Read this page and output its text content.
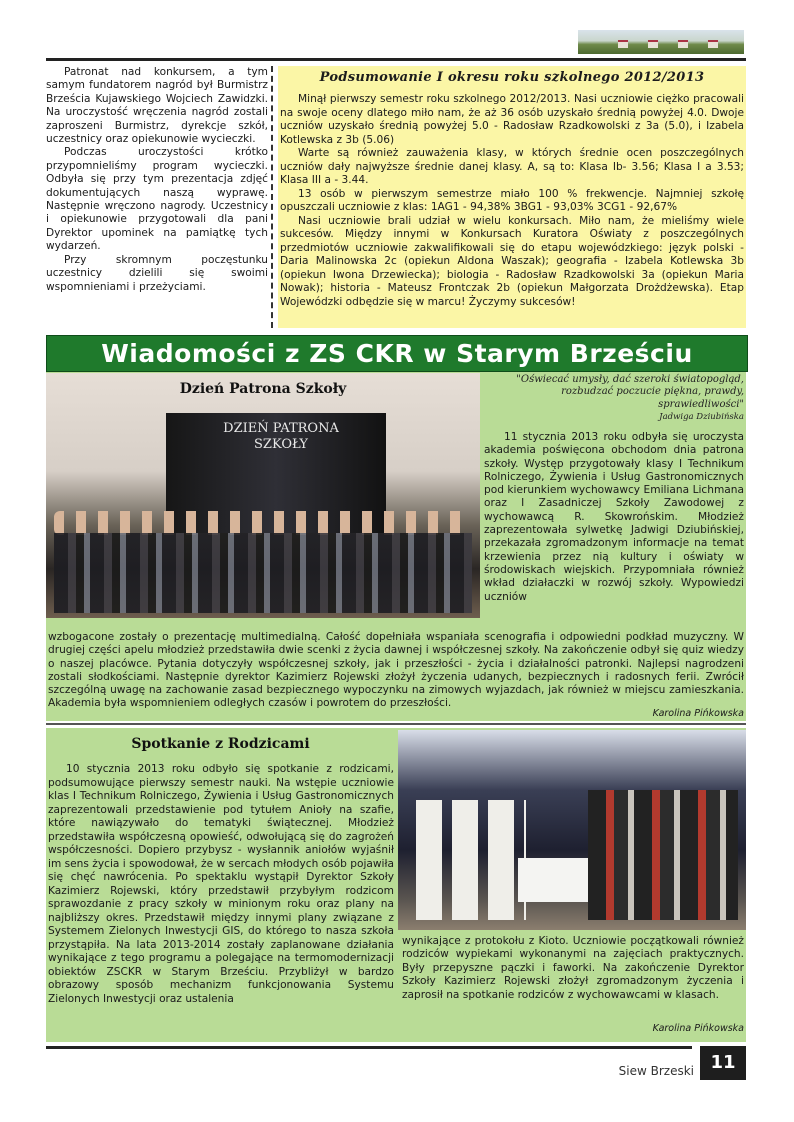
Patronat nad konkursem, a tym samym fundatorem nagród był Burmistrz Brześcia Kujawskiego Wojciech Zawidzki. Na uroczystość wręczenia nagród zostali zaproszeni Burmistrz, dyrekcje szkół, uczestnicy oraz opiekunowie wycieczki.

Podczas uroczystości krótko przypomnieliśmy program wycieczki. Odbyła się przy tym prezentacja zdjęć dokumentujących naszą wyprawę. Następnie wręczono nagrody. Uczestnicy i opiekunowie przygotowali dla pani Dyrektor upominek na pamiątkę tych wydarzeń.

Przy skromnym poczęstunku uczestnicy dzielili się swoimi wspomnieniami i przeżyciami.

Podsumowanie I okresu roku szkolnego 2012/2013

Minął pierwszy semestr roku szkolnego 2012/2013. Nasi uczniowie ciężko pracowali na swoje oceny dlatego miło nam, że aż 36 osób uzyskało średnią powyżej 4.0. Dwoje uczniów uzyskało średnią powyżej 5.0 - Radosław Rzadkowolski z 3a (5.0), i Izabela Kotlewska z 3b (5.06)

Warte są również zauważenia klasy, w których średnie ocen poszczególnych uczniów dały najwyższe średnie danej klasy. A, są to: Klasa Ib- 3.56; Klasa I a 3.53; Klasa III a - 3.44.

13 osób w pierwszym semestrze miało 100 % frekwencje. Najmniej szkołę opuszczali uczniowie z klas: 1AG1 - 94,38% 3BG1 - 93,03% 3CG1 - 92,67%

Nasi uczniowie brali udział w wielu konkursach. Miło nam, że mieliśmy wiele sukcesów. Między innymi w Konkursach Kuratora Oświaty z poszczególnych przedmiotów uczniowie zakwalifikowali się do etapu wojewódzkiego: język polski - Daria Malinowska 2c (opiekun Aldona Waszak); geografia - Izabela Kotlewska 3b (opiekun Iwona Drzewiecka); biologia - Radosław Rzadkowolski 3a (opiekun Maria Nowak); historia - Mateusz Frontczak 2b (opiekun Małgorzata Drożdżewska). Etap Wojewódzki odbędzie się w marcu! Życzymy sukcesów!

Wiadomości z ZS CKR w Starym Brześciu
DZIEŃ PATRONA SZKOŁY
Dzień Patrona Szkoły
"Oświecać umysły, dać szeroki światopogląd, rozbudzać poczucie piękna, prawdy, sprawiedliwości"
Jadwiga Dziubińska

11 stycznia 2013 roku odbyła się uroczysta akademia poświęcona obchodom dnia patrona szkoły. Występ przygotowały klasy I Technikum Rolniczego, Żywienia i Usług Gastronomicznych pod kierunkiem wychowawcy Emiliana Lichmana oraz I Zasadniczej Szkoły Zawodowej z wychowawcą R. Skowrońskim. Młodzież zaprezentowała sylwetkę Jadwigi Dziubińskiej, przekazała zgromadzonym informacje na temat krzewienia przez nią kultury i oświaty w środowiskach wiejskich. Przypomniała również wkład działaczki w rozwój szkoły. Wypowiedzi uczniów

wzbogacone zostały o prezentację multimedialną. Całość dopełniała wspaniała scenografia i odpowiedni podkład muzyczny. W drugiej części apelu młodzież przedstawiła dwie scenki z życia dawnej i współczesnej szkoły. Na zakończenie odbył się quiz wiedzy o naszej placówce. Pytania dotyczyły współczesnej szkoły, jak i przeszłości - życia i działalności patronki. Najlepsi nagrodzeni zostali słodkościami. Następnie dyrektor Kazimierz Rojewski złożył życzenia udanych, bezpiecznych i radosnych ferii. Zwrócił szczególną uwagę na zachowanie zasad bezpiecznego wypoczynku na zimowych wyjazdach, jak również w miejscu zamieszkania. Akademia była wspomnieniem odległych czasów i powrotem do przeszłości.

Karolina Pińkowska
Spotkanie z Rodzicami

10 stycznia 2013 roku odbyło się spotkanie z rodzicami, podsumowujące pierwszy semestr nauki. Na wstępie uczniowie klas I Technikum Rolniczego, Żywienia i Usług Gastronomicznych zaprezentowali przedstawienie pod tytułem Anioły na szafie, które nawiązywało do tematyki świątecznej. Młodzież przedstawiła współczesną opowieść, odwołującą się do zagrożeń współczesności. Dopiero przybysz - wysłannik aniołów wyjaśnił im sens życia i spowodował, że w sercach młodych osób pojawiła się chęć nawrócenia. Po spektaklu wystąpił Dyrektor Szkoły Kazimierz Rojewski, który przedstawił przybyłym rodzicom sprawozdanie z pracy szkoły w minionym roku oraz plany na najbliższy okres. Przedstawił między innymi plany związane z Systemem Zielonych Inwestycji GIS, do którego to nasza szkoła przystąpiła. Na lata 2013-2014 zostały zaplanowane działania wynikające z tego programu a polegające na termomodernizacji obiektów ZSCKR w Starym Brześciu. Przybliżył w bardzo obrazowy sposób mechanizm funkcjonowania Systemu Zielonych Inwestycji oraz ustalenia

wynikające z protokołu z Kioto. Uczniowie pocz̨ątkowali również rodziców wypiekami wykonanymi na zajęciach praktycznych. Były przepyszne pączki i faworki. Na zakończenie Dyrektor Szkoły Kazimierz Rojewski złożył zgromadzonym życzenia i zaprosił na spotkanie rodziców z wychowawcami w klasach.

Karolina Pińkowska
Siew Brzeski 11
